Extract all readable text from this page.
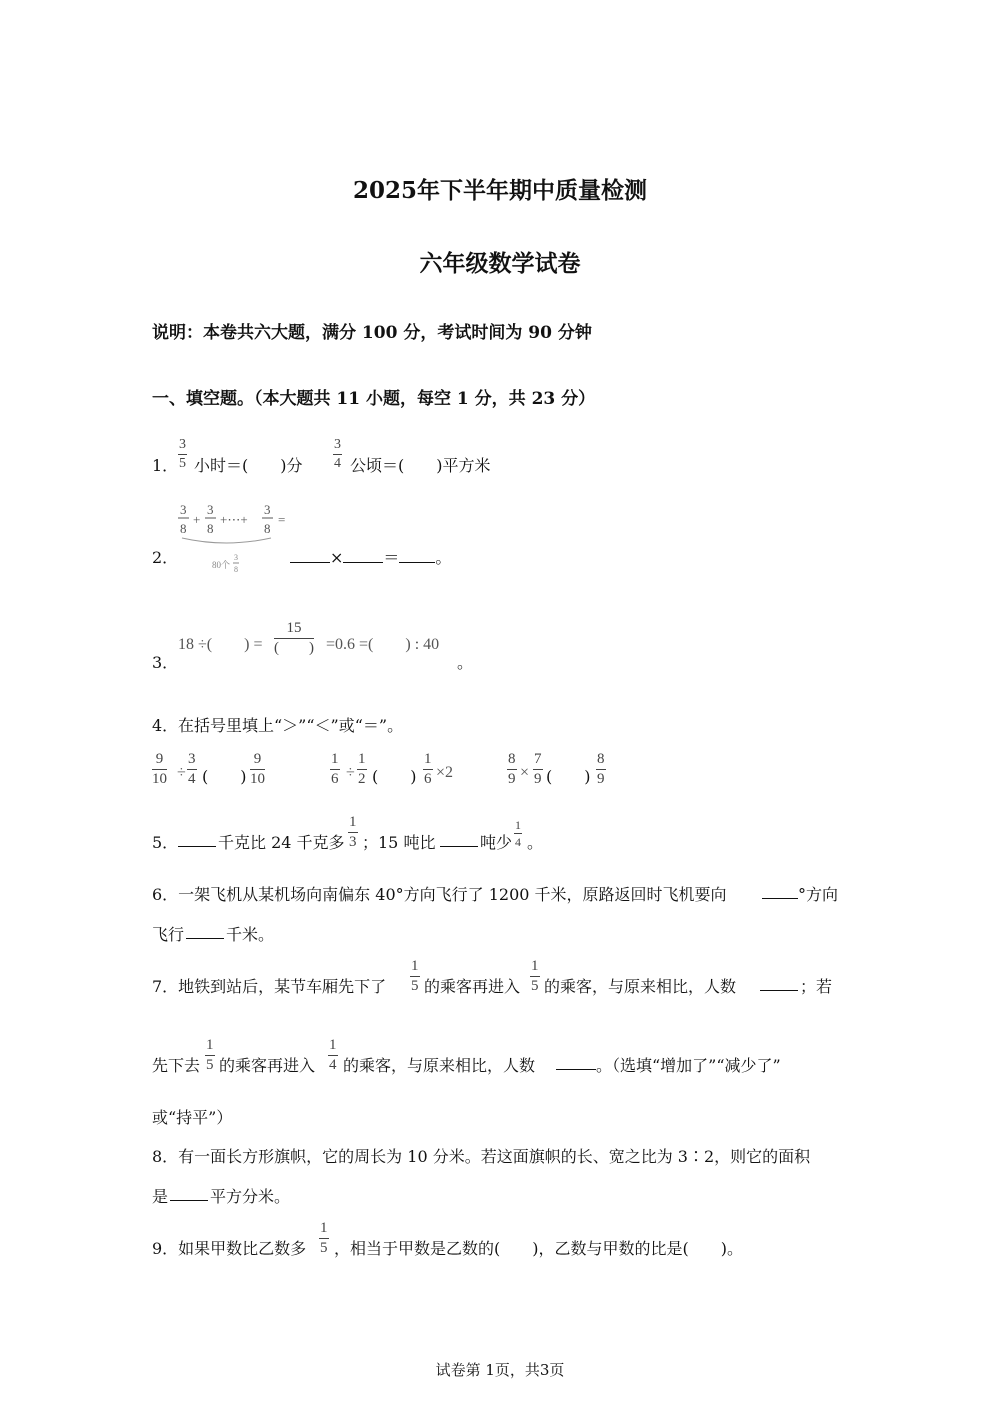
2025年下半年期中质量检测
六年级数学试卷
说明：本卷共六大题，满分 100 分，考试时间为 90 分钟
一、填空题。（本大题共 11 小题，每空 1 分，共 23 分）
1． $\frac{3}{5}$ 小时＝(　　)分 $\frac{3}{4}$ 公顷＝(　　)平方米
2．
3
8
+
3
8
+⋯+
3
8
=
80个
3
8
×	＝ 。
3．
18 ÷(　　) =
15
(　　) =0.6 =(　　) : 40
。
4． 在括号里填上“＞”“＜”或“＝”。
$\frac{9}{10} \div \frac{3}{4}$ (　　) $\frac{9}{10}$	$\frac{1}{6} \div \frac{1}{2}$ (　　) $\frac{1}{6} \times 2$	$\frac{8}{9} \times \frac{7}{9}$ (　　) $\frac{8}{9}$
5． 千克比 24 千克多 $\frac{1}{3}$ ；15 吨比	吨少 $\frac{1}{4}$ 。
6．一架飞机从某机场向南偏东 40°方向飞行了 1200 千米，原路返回时飞机要向	°方向
飞行	千米。
7．地铁到站后，某节车厢先下了 $\frac{1}{5}$ 的乘客再进入 $\frac{1}{5}$ 的乘客，与原来相比，人数	；若
先下去 $\frac{1}{5}$ 的乘客再进入 $\frac{1}{4}$ 的乘客，与原来相比，人数	。（选填“增加了”“减少了”
或“持平”）
8．有一面长方形旗帜，它的周长为 10 分米。若这面旗帜的长、宽之比为 3∶2，则它的面积
是	平方分米。
9．如果甲数比乙数多 $\frac{1}{5}$ ，相当于甲数是乙数的(　　)，乙数与甲数的比是(　　)。
试卷第 1页，共3页
